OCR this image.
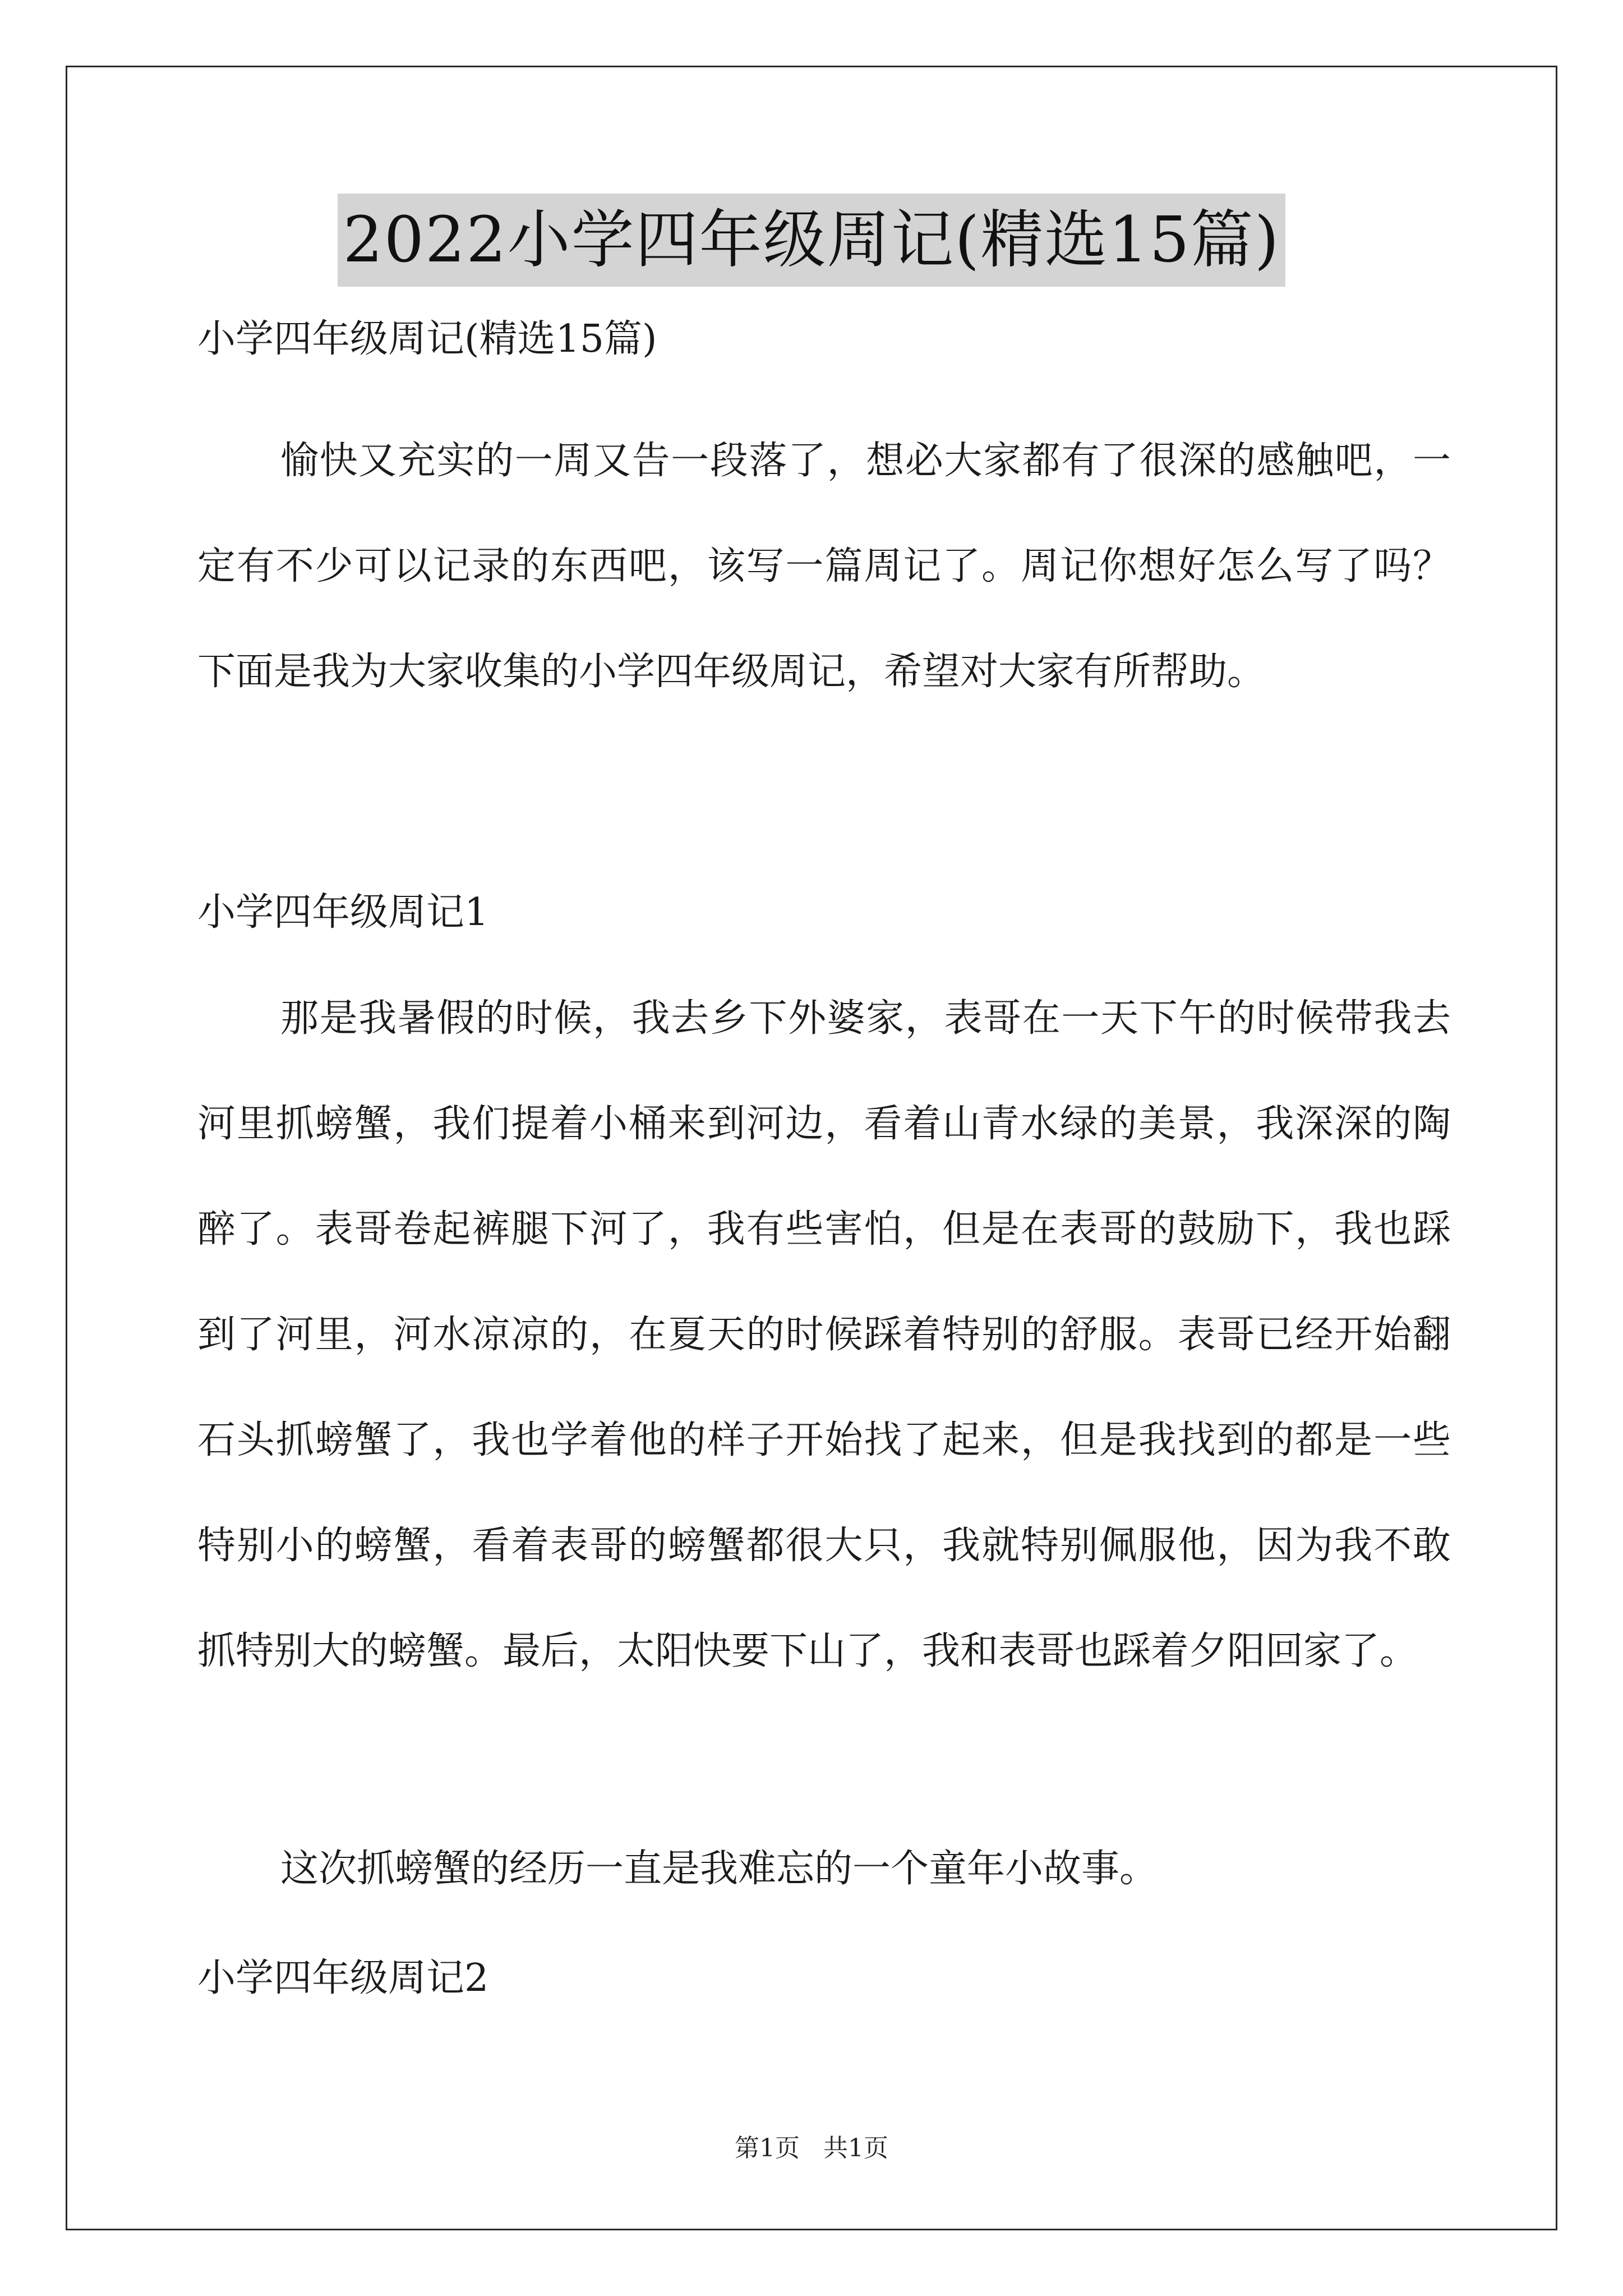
2022小学四年级周记(精选15篇)
小学四年级周记(精选15篇)

愉快又充实的一周又告一段落了，想必大家都有了很深的感触吧，一定有不少可以记录的东西吧，该写一篇周记了。周记你想好怎么写了吗？下面是我为大家收集的小学四年级周记，希望对大家有所帮助。

小学四年级周记1

那是我暑假的时候，我去乡下外婆家，表哥在一天下午的时候带我去河里抓螃蟹，我们提着小桶来到河边，看着山青水绿的美景，我深深的陶醉了。表哥卷起裤腿下河了，我有些害怕，但是在表哥的鼓励下，我也踩到了河里，河水凉凉的，在夏天的时候踩着特别的舒服。表哥已经开始翻石头抓螃蟹了，我也学着他的样子开始找了起来，但是我找到的都是一些特别小的螃蟹，看着表哥的螃蟹都很大只，我就特别佩服他，因为我不敢抓特别大的螃蟹。最后，太阳快要下山了，我和表哥也踩着夕阳回家了。

这次抓螃蟹的经历一直是我难忘的一个童年小故事。

小学四年级周记2
第1页 共1页
